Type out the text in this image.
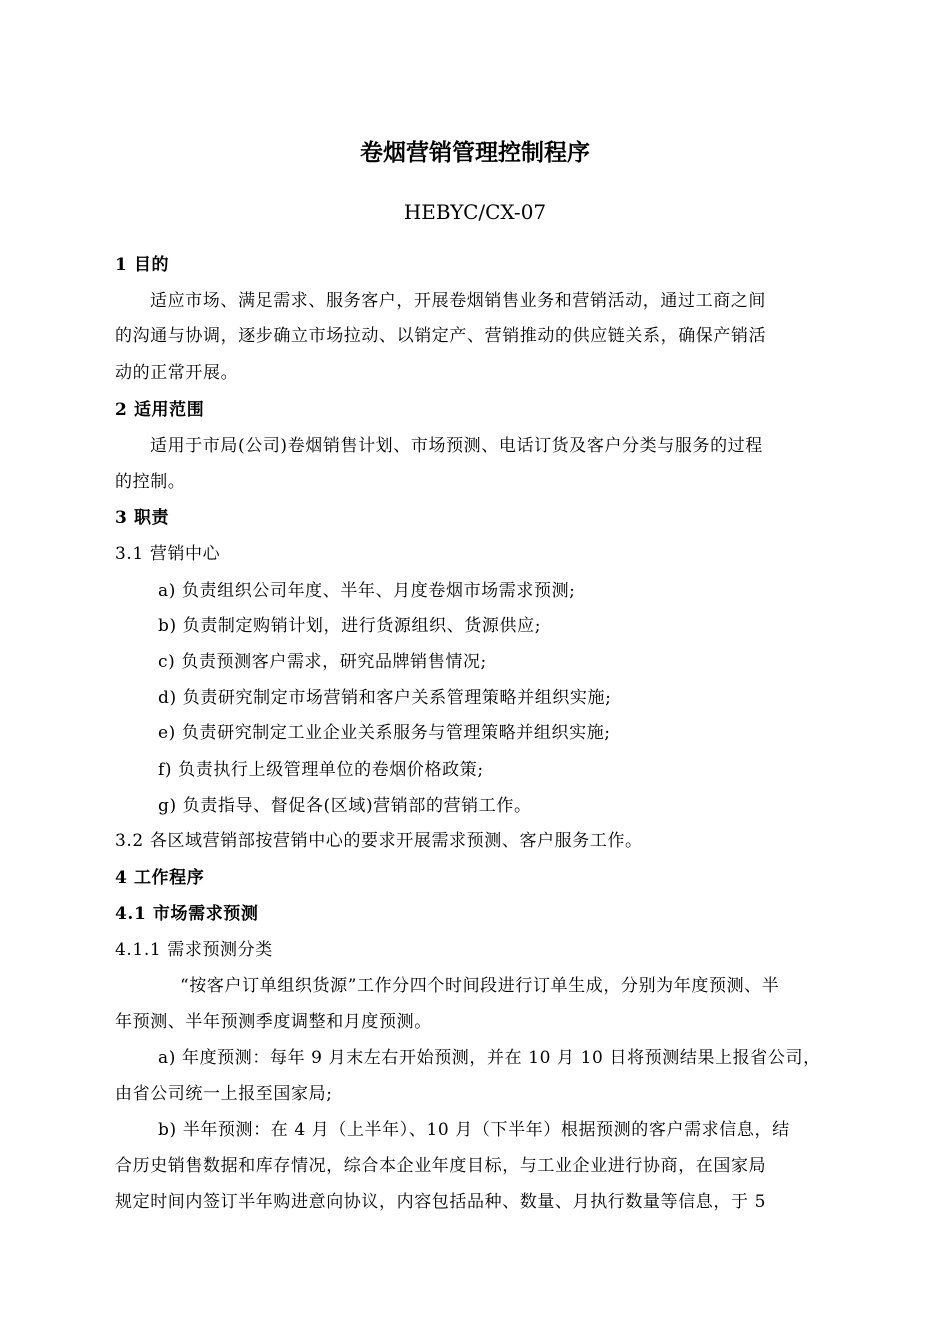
卷烟营销管理控制程序
HEBYC/CX-07
1 目的
适应市场、满足需求、服务客户，开展卷烟销售业务和营销活动，通过工商之间
的沟通与协调，逐步确立市场拉动、以销定产、营销推动的供应链关系，确保产销活
动的正常开展。
2 适用范围
适用于市局(公司)卷烟销售计划、市场预测、电话订货及客户分类与服务的过程
的控制。
3 职责
3.1 营销中心
a) 负责组织公司年度、半年、月度卷烟市场需求预测;
b) 负责制定购销计划，进行货源组织、货源供应;
c) 负责预测客户需求，研究品牌销售情况;
d) 负责研究制定市场营销和客户关系管理策略并组织实施;
e) 负责研究制定工业企业关系服务与管理策略并组织实施;
f) 负责执行上级管理单位的卷烟价格政策;
g) 负责指导、督促各(区域)营销部的营销工作。
3.2 各区域营销部按营销中心的要求开展需求预测、客户服务工作。
4 工作程序
4.1 市场需求预测
4.1.1 需求预测分类
“按客户订单组织货源”工作分四个时间段进行订单生成，分别为年度预测、半
年预测、半年预测季度调整和月度预测。
a) 年度预测：每年 9 月末左右开始预测，并在 10 月 10 日将预测结果上报省公司，
由省公司统一上报至国家局;
b) 半年预测：在 4 月（上半年）、10 月（下半年）根据预测的客户需求信息，结
合历史销售数据和库存情况，综合本企业年度目标，与工业企业进行协商，在国家局
规定时间内签订半年购进意向协议，内容包括品种、数量、月执行数量等信息，于 5
